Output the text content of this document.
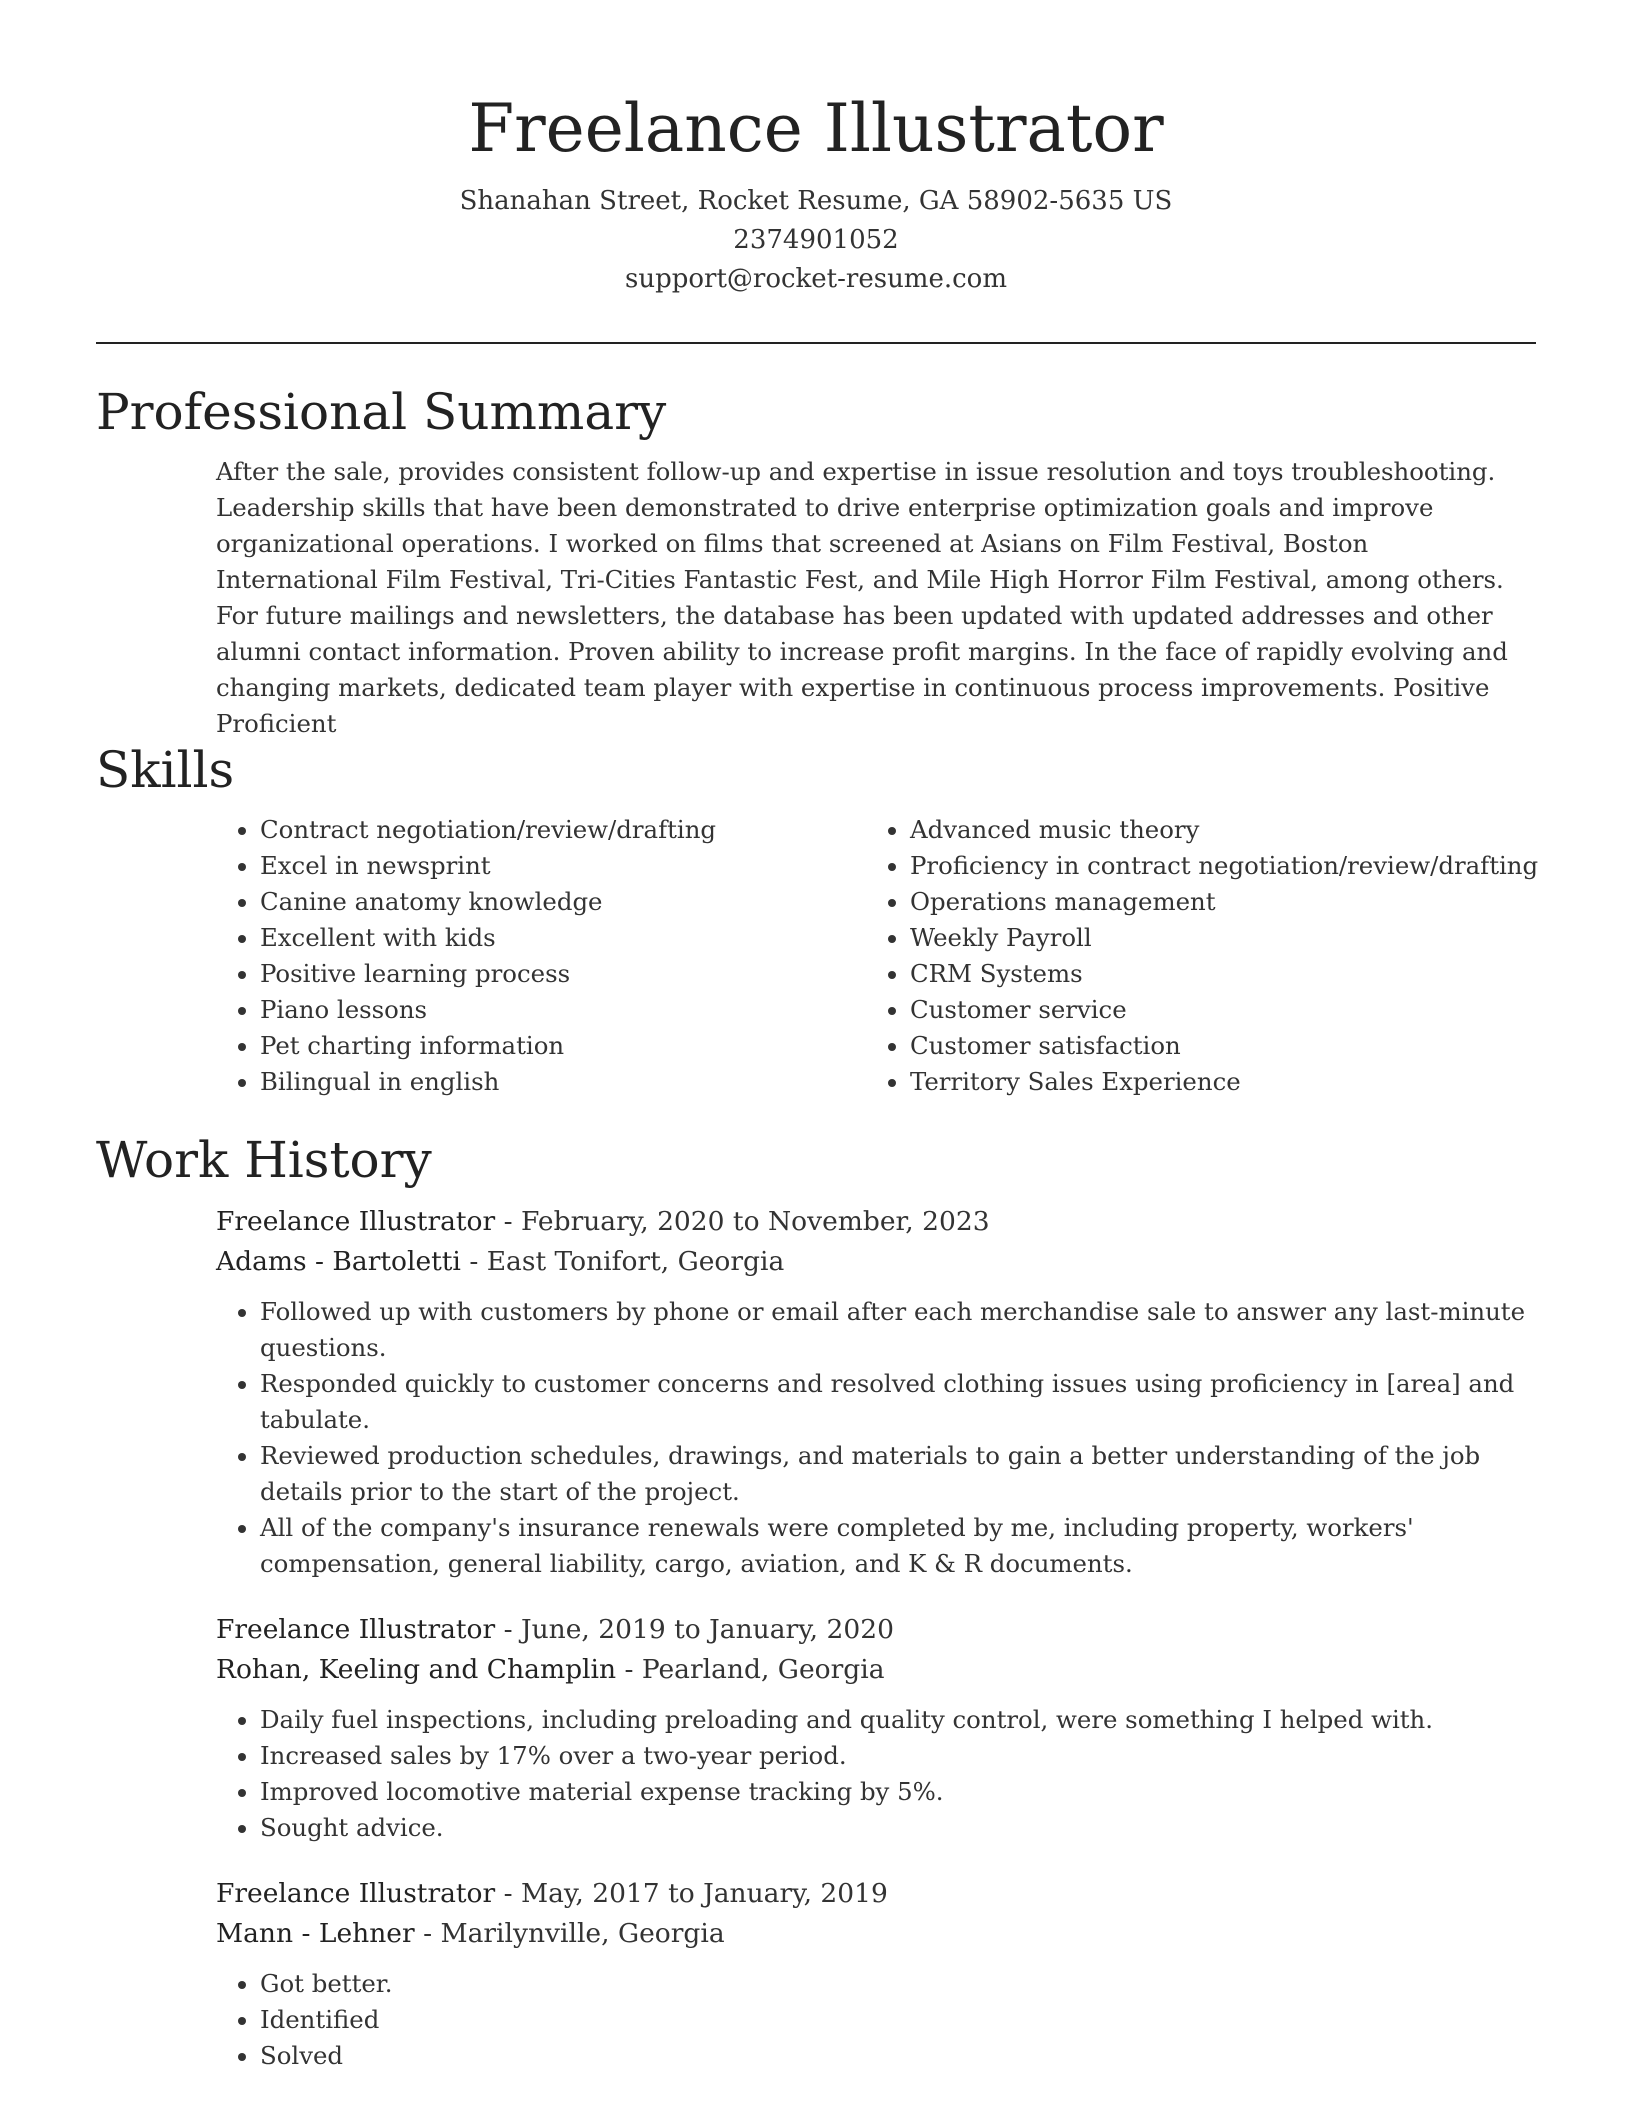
Freelance Illustrator
Shanahan Street, Rocket Resume, GA 58902-5635 US
2374901052
support@rocket-resume.com
Professional Summary

After the sale, provides consistent follow-up and expertise in issue resolution and toys troubleshooting. Leadership skills that have been demonstrated to drive enterprise optimization goals and improve organizational operations. I worked on films that screened at Asians on Film Festival, Boston International Film Festival, Tri-Cities Fantastic Fest, and Mile High Horror Film Festival, among others. For future mailings and newsletters, the database has been updated with updated addresses and other alumni contact information. Proven ability to increase profit margins. In the face of rapidly evolving and changing markets, dedicated team player with expertise in continuous process improvements. Positive Proficient

Skills
• Contract negotiation/review/drafting
• Excel in newsprint
• Canine anatomy knowledge
• Excellent with kids
• Positive learning process
• Piano lessons
• Pet charting information
• Bilingual in english
• Advanced music theory
• Proficiency in contract negotiation/review/drafting
• Operations management
• Weekly Payroll
• CRM Systems
• Customer service
• Customer satisfaction
• Territory Sales Experience
Work History
Freelance Illustrator - February, 2020 to November, 2023
Adams - Bartoletti - East Tonifort, Georgia
• Followed up with customers by phone or email after each merchandise sale to answer any last-minute questions.
• Responded quickly to customer concerns and resolved clothing issues using proficiency in [area] and tabulate.
• Reviewed production schedules, drawings, and materials to gain a better understanding of the job details prior to the start of the project.
• All of the company's insurance renewals were completed by me, including property, workers' compensation, general liability, cargo, aviation, and K & R documents.
Freelance Illustrator - June, 2019 to January, 2020
Rohan, Keeling and Champlin - Pearland, Georgia
• Daily fuel inspections, including preloading and quality control, were something I helped with.
• Increased sales by 17% over a two-year period.
• Improved locomotive material expense tracking by 5%.
• Sought advice.
Freelance Illustrator - May, 2017 to January, 2019
Mann - Lehner - Marilynville, Georgia
• Got better.
• Identified
• Solved
